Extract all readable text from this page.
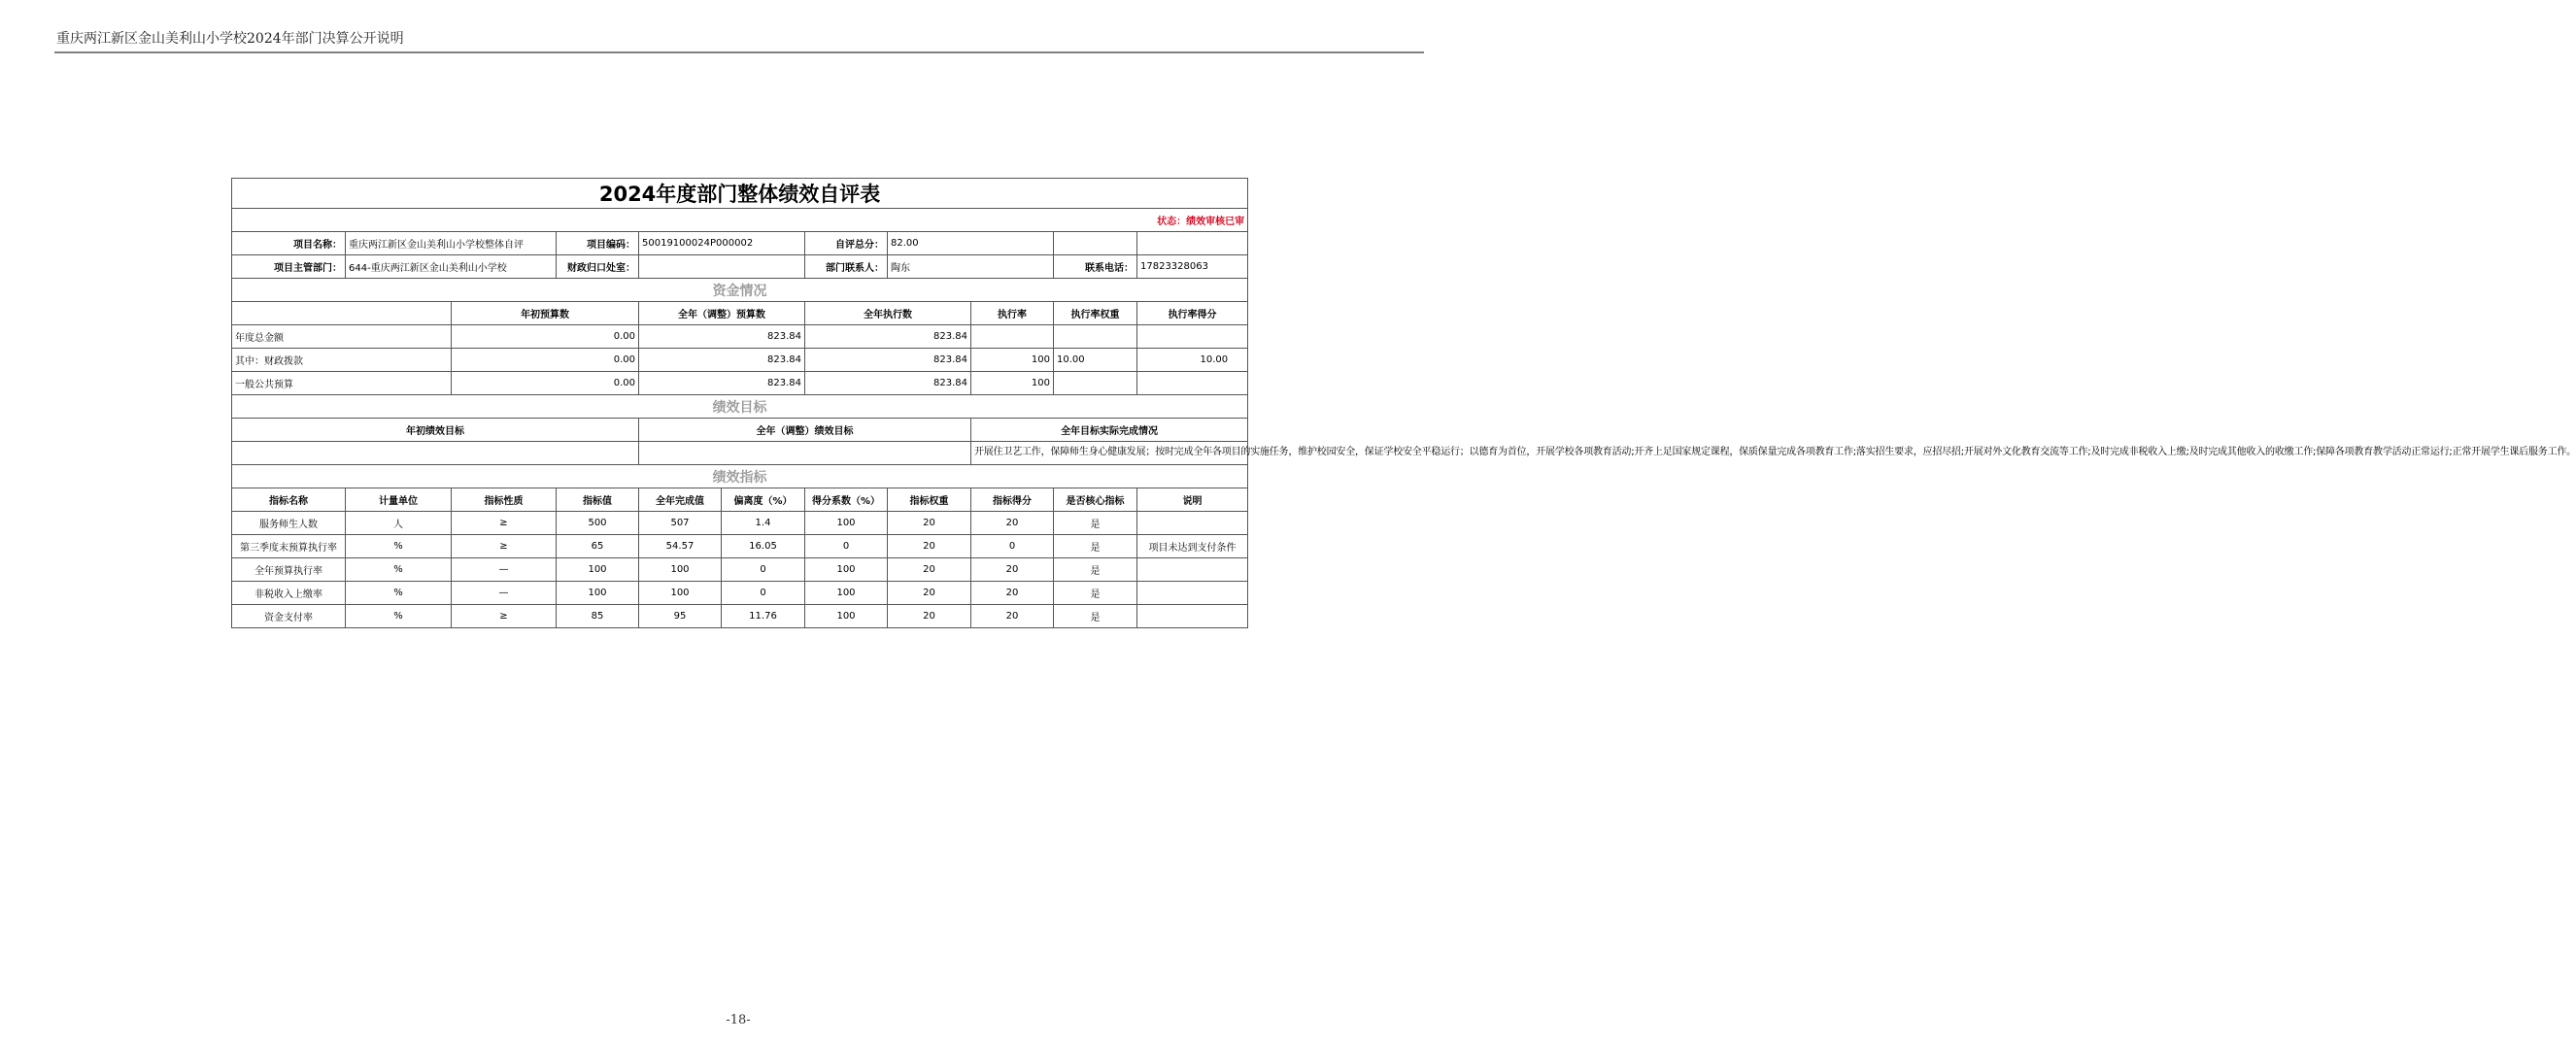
重庆两江新区金山美利山小学校2024年部门决算公开说明
2024年度部门整体绩效自评表										
状态：绩效审核已审										
项目名称：	重庆两江新区金山美利山小学校整体自评		项目编码：	50019100024P000002		自评总分：	82.00			
项目主管部门：	644-重庆两江新区金山美利山小学校		财政归口处室：			部门联系人：	陶东		联系电话：	17823328063
资金情况										
		年初预算数		全年（调整）预算数		全年执行数		执行率	执行率权重	执行率得分
年度总金额		0.00		823.84		823.84				
其中：财政拨款		0.00		823.84		823.84		100	10.00	10.00
一般公共预算		0.00		823.84		823.84		100		
绩效目标										
年初绩效目标				全年（调整）绩效目标				全年目标实际完成情况		
								开展住卫艺工作，保障师生身心健康发展；按时完成全年各项目的实施任务，维护校园安全，保证学校安全平稳运行；以德育为首位，开展学校各项教育活动;开齐上足国家规定课程，保质保量完成各项教育工作;落实招生要求，应招尽招;开展对外文化教育交流等工作;及时完成非税收入上缴;及时完成其他收入的收缴工作;保障各项教育教学活动正常运行;正常开展学生课后服务工作。		
绩效指标										
指标名称	计量单位	指标性质	指标值	全年完成值	偏离度（%）	得分系数（%）	指标权重	指标得分	是否核心指标	说明
服务师生人数	人	≥	500	507	1.4	100	20	20	是	
第三季度末预算执行率	%	≥	65	54.57	16.05	0	20	0	是	项目未达到支付条件
全年预算执行率	%	—	100	100	0	100	20	20	是	
非税收入上缴率	%	—	100	100	0	100	20	20	是	
资金支付率	%	≥	85	95	11.76	100	20	20	是	
-18-
